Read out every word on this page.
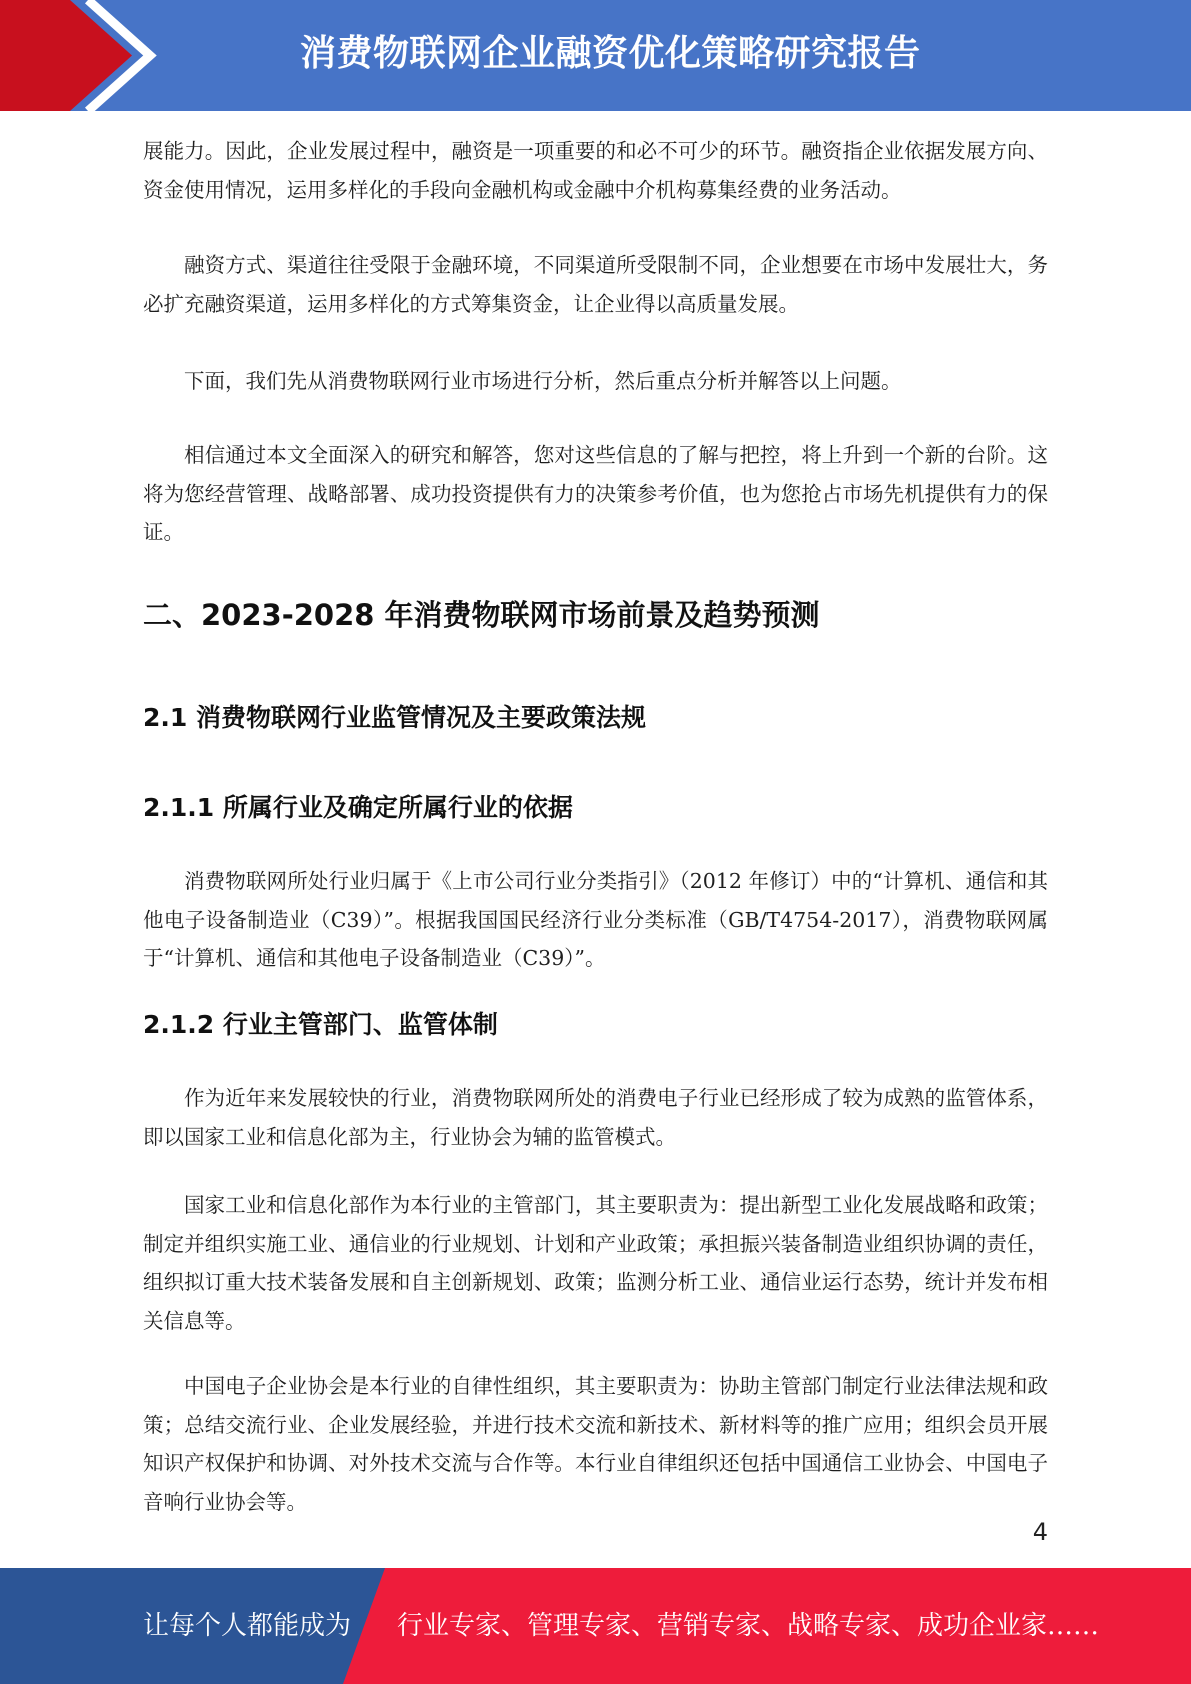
消费物联网企业融资优化策略研究报告

展能力。因此，企业发展过程中，融资是一项重要的和必不可少的环节。融资指企业依据发展方向、资金使用情况，运用多样化的手段向金融机构或金融中介机构募集经费的业务活动。

融资方式、渠道往往受限于金融环境，不同渠道所受限制不同，企业想要在市场中发展壮大，务必扩充融资渠道，运用多样化的方式筹集资金，让企业得以高质量发展。

下面，我们先从消费物联网行业市场进行分析，然后重点分析并解答以上问题。

相信通过本文全面深入的研究和解答，您对这些信息的了解与把控，将上升到一个新的台阶。这将为您经营管理、战略部署、成功投资提供有力的决策参考价值，也为您抢占市场先机提供有力的保证。

二、2023-2028 年消费物联网市场前景及趋势预测
2.1 消费物联网行业监管情况及主要政策法规
2.1.1 所属行业及确定所属行业的依据

消费物联网所处行业归属于《上市公司行业分类指引》（2012 年修订）中的“计算机、通信和其他电子设备制造业（C39）”。根据我国国民经济行业分类标准（GB/T4754-2017），消费物联网属于“计算机、通信和其他电子设备制造业（C39）”。

2.1.2 行业主管部门、监管体制

作为近年来发展较快的行业，消费物联网所处的消费电子行业已经形成了较为成熟的监管体系，即以国家工业和信息化部为主，行业协会为辅的监管模式。

国家工业和信息化部作为本行业的主管部门，其主要职责为：提出新型工业化发展战略和政策；制定并组织实施工业、通信业的行业规划、计划和产业政策；承担振兴装备制造业组织协调的责任，组织拟订重大技术装备发展和自主创新规划、政策；监测分析工业、通信业运行态势，统计并发布相关信息等。

中国电子企业协会是本行业的自律性组织，其主要职责为：协助主管部门制定行业法律法规和政策；总结交流行业、企业发展经验，并进行技术交流和新技术、新材料等的推广应用；组织会员开展知识产权保护和协调、对外技术交流与合作等。本行业自律组织还包括中国通信工业协会、中国电子音响行业协会等。

4
让每个人都能成为 行业专家、管理专家、营销专家、战略专家、成功企业家……
